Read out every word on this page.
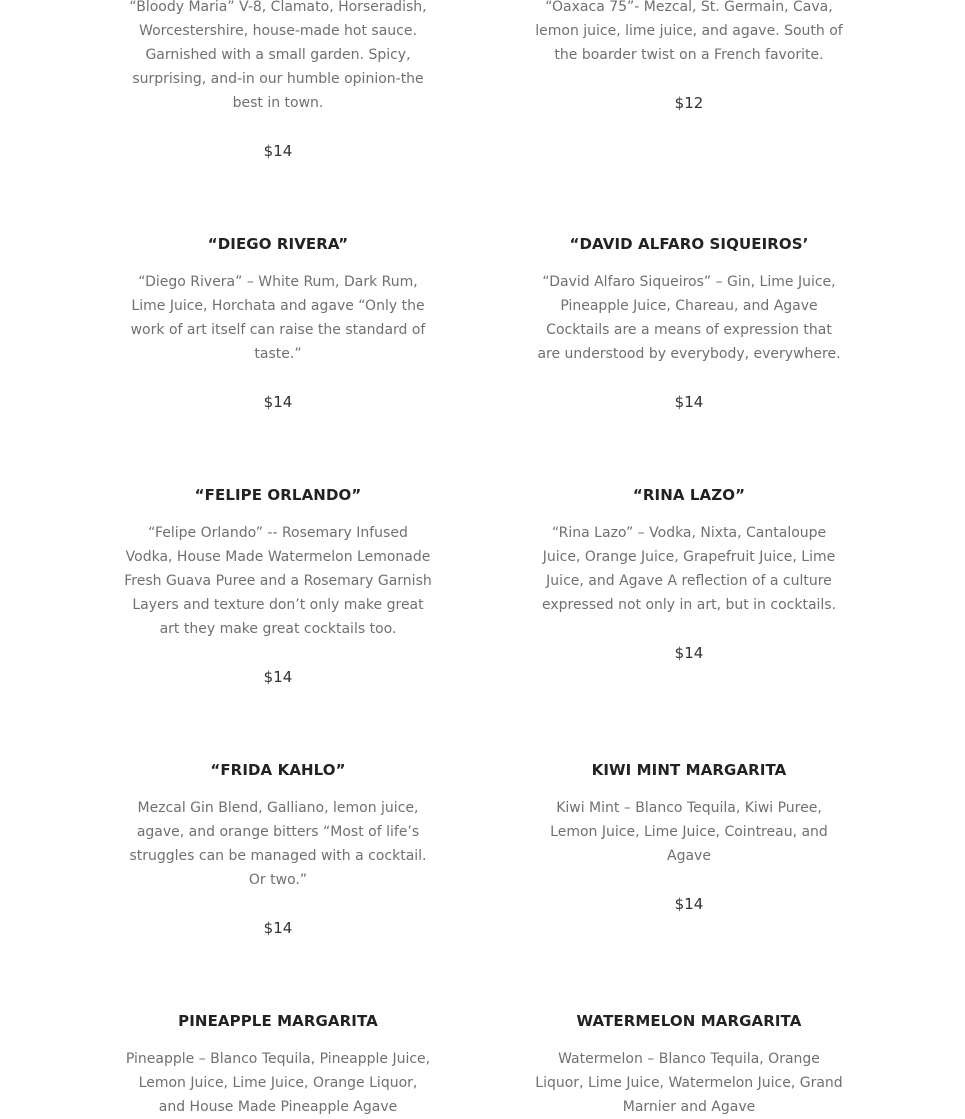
“Bloody Maria” V-8, Clamato, Horseradish, Worcestershire, house-made hot sauce. Garnished with a small garden. Spicy, surprising, and-in our humble opinion-the best in town.

$14

“Oaxaca 75”- Mezcal, St. Germain, Cava, lemon juice, lime juice, and agave. South of the boarder twist on a French favorite.

$12

“DIEGO RIVERA”

“Diego Rivera” – White Rum, Dark Rum, Lime Juice, Horchata and agave “Only the work of art itself can raise the standard of taste.”

$14

“DAVID ALFARO SIQUEIROS’

“David Alfaro Siqueiros” – Gin, Lime Juice, Pineapple Juice, Chareau, and Agave Cocktails are a means of expression that are understood by everybody, everywhere.

$14

“FELIPE ORLANDO”

“Felipe Orlando” -- Rosemary Infused Vodka, House Made Watermelon Lemonade Fresh Guava Puree and a Rosemary Garnish Layers and texture don’t only make great art they make great cocktails too.

$14

“RINA LAZO”

“Rina Lazo” – Vodka, Nixta, Cantaloupe Juice, Orange Juice, Grapefruit Juice, Lime Juice, and Agave A reflection of a culture expressed not only in art, but in cocktails.

$14

“FRIDA KAHLO”

Mezcal Gin Blend, Galliano, lemon juice, agave, and orange bitters “Most of life’s struggles can be managed with a cocktail. Or two.”

$14

KIWI MINT MARGARITA

Kiwi Mint – Blanco Tequila, Kiwi Puree, Lemon Juice, Lime Juice, Cointreau, and Agave

$14

PINEAPPLE MARGARITA

Pineapple – Blanco Tequila, Pineapple Juice, Lemon Juice, Lime Juice, Orange Liquor, and House Made Pineapple Agave

WATERMELON MARGARITA

Watermelon – Blanco Tequila, Orange Liquor, Lime Juice, Watermelon Juice, Grand Marnier and Agave
